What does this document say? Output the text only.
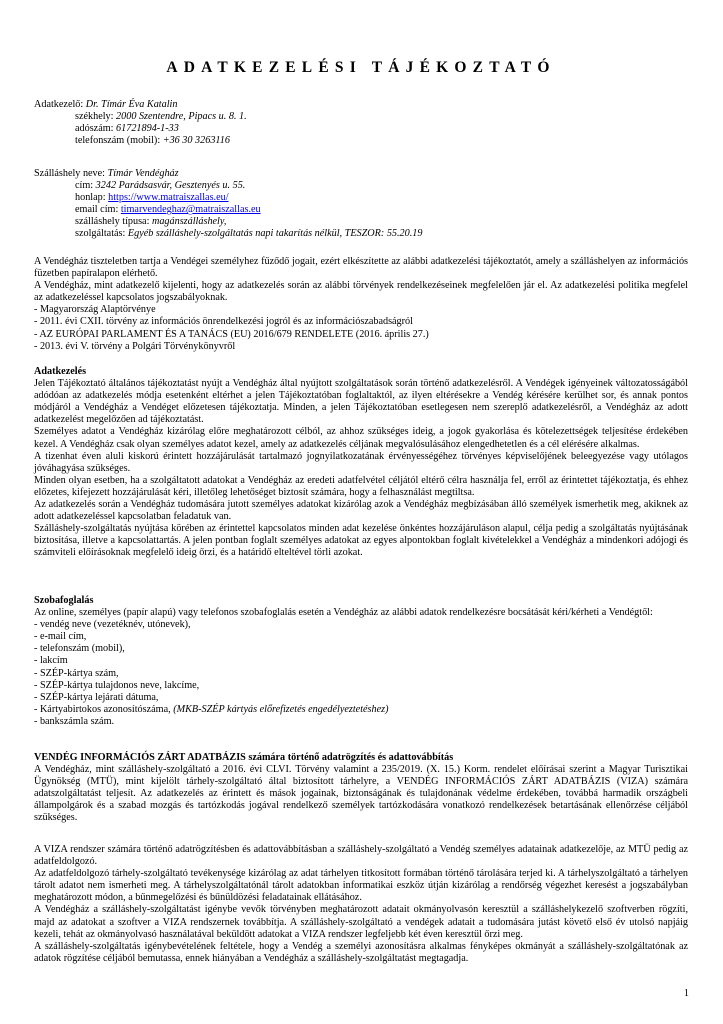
ADATKEZELÉSI TÁJÉKOZTATÓ
Adatkezelő: Dr. Tímár Éva Katalin
székhely: 2000 Szentendre, Pipacs u. 8. 1.
adószám: 61721894-1-33
telefonszám (mobil): +36 30 3263116
Szálláshely neve: Tímár Vendégház
cím: 3242 Parádsasvár, Gesztenyés u. 55.
honlap: https://www.matraiszallas.eu/
email cím: timarvendeghaz@matraiszallas.eu
szálláshely típusa: magánszálláshely,
szolgáltatás: Egyéb szálláshely-szolgáltatás napi takarítás nélkül, TESZOR: 55.20.19

A Vendégház tiszteletben tartja a Vendégei személyhez fűződő jogait, ezért elkészítette az alábbi adatkezelési tájékoztatót, amely a szálláshelyen az információs füzetben papíralapon elérhető.

A Vendégház, mint adatkezelő kijelenti, hogy az adatkezelés során az alábbi törvények rendelkezéseinek megfelelően jár el. Az adatkezelési politika megfelel az adatkezeléssel kapcsolatos jogszabályoknak.

- Magyarország Alaptörvénye

- 2011. évi CXII. törvény az információs önrendelkezési jogról és az információszabadságról

- AZ EURÓPAI PARLAMENT ÉS A TANÁCS (EU) 2016/679 RENDELETE (2016. április 27.)

- 2013. évi V. törvény a Polgári Törvénykönyvről

Adatkezelés

Jelen Tájékoztató általános tájékoztatást nyújt a Vendégház által nyújtott szolgáltatások során történő adatkezelésről. A Vendégek igényeinek változatosságából adódóan az adatkezelés módja esetenként eltérhet a jelen Tájékoztatóban foglaltaktól, az ilyen eltérésekre a Vendég kérésére kerülhet sor, és annak pontos módjáról a Vendégház a Vendéget előzetesen tájékoztatja. Minden, a jelen Tájékoztatóban esetlegesen nem szereplő adatkezelésről, a Vendégház az adott adatkezelést megelőzően ad tájékoztatást.

Személyes adatot a Vendégház kizárólag előre meghatározott célból, az ahhoz szükséges ideig, a jogok gyakorlása és kötelezettségek teljesítése érdekében kezel. A Vendégház csak olyan személyes adatot kezel, amely az adatkezelés céljának megvalósulásához elengedhetetlen és a cél elérésére alkalmas.

A tizenhat éven aluli kiskorú érintett hozzájárulását tartalmazó jognyilatkozatának érvényességéhez törvényes képviselőjének beleegyezése vagy utólagos jóváhagyása szükséges.

Minden olyan esetben, ha a szolgáltatott adatokat a Vendégház az eredeti adatfelvétel céljától eltérő célra használja fel, erről az érintettet tájékoztatja, és ehhez előzetes, kifejezett hozzájárulását kéri, illetőleg lehetőséget biztosít számára, hogy a felhasználást megtiltsa.

Az adatkezelés során a Vendégház tudomására jutott személyes adatokat kizárólag azok a Vendégház megbízásában álló személyek ismerhetik meg, akiknek az adott adatkezeléssel kapcsolatban feladatuk van.

Szálláshely-szolgáltatás nyújtása körében az érintettel kapcsolatos minden adat kezelése önkéntes hozzájáruláson alapul, célja pedig a szolgáltatás nyújtásának biztosítása, illetve a kapcsolattartás. A jelen pontban foglalt személyes adatokat az egyes alpontokban foglalt kivételekkel a Vendégház a mindenkori adójogi és számviteli előírásoknak megfelelő ideig őrzi, és a határidő elteltével törli azokat.

Szobafoglalás

Az online, személyes (papír alapú) vagy telefonos szobafoglalás esetén a Vendégház az alábbi adatok rendelkezésre bocsátását kéri/kérheti a Vendégtől:

- vendég neve (vezetéknév, utónevek),

- e-mail cím,

- telefonszám (mobil),

- lakcím

- SZÉP-kártya szám,

- SZÉP-kártya tulajdonos neve, lakcíme,

- SZÉP-kártya lejárati dátuma,

- Kártyabirtokos azonosítószáma, (MKB-SZÉP kártyás előrefizetés engedélyeztetéshez)

- bankszámla szám.

VENDÉG INFORMÁCIÓS ZÁRT ADATBÁZIS számára történő adatrögzítés és adattovábbítás

A Vendégház, mint szálláshely-szolgáltató a 2016. évi CLVI. Törvény valamint a 235/2019. (X. 15.) Korm. rendelet előírásai szerint a Magyar Turisztikai Ügynökség (MTÜ), mint kijelölt tárhely-szolgáltató által biztosított tárhelyre, a VENDÉG INFORMÁCIÓS ZÁRT ADATBÁZIS (VIZA) számára adatszolgáltatást teljesít. Az adatkezelés az érintett és mások jogainak, biztonságának és tulajdonának védelme érdekében, továbbá harmadik országbeli állampolgárok és a szabad mozgás és tartózkodás jogával rendelkező személyek tartózkodására vonatkozó rendelkezések betartásának ellenőrzése céljából szükséges.

A VIZA rendszer számára történő adatrögzítésben és adattovábbításban a szálláshely-szolgáltató a Vendég személyes adatainak adatkezelője, az MTÜ pedig az adatfeldolgozó.

Az adatfeldolgozó tárhely-szolgáltató tevékenysége kizárólag az adat tárhelyen titkosított formában történő tárolására terjed ki. A tárhelyszolgáltató a tárhelyen tárolt adatot nem ismerheti meg. A tárhelyszolgáltatónál tárolt adatokban informatikai eszköz útján kizárólag a rendőrség végezhet keresést a jogszabályban meghatározott módon, a bűnmegelőzési és bűnüldözési feladatainak ellátásához.

A Vendégház a szálláshely-szolgáltatást igénybe vevők törvényben meghatározott adatait okmányolvasón keresztül a szálláshelykezelő szoftverben rögzíti, majd az adatokat a szoftver a VIZA rendszernek továbbítja. A szálláshely-szolgáltató a vendégek adatait a tudomására jutást követő első év utolsó napjáig kezeli, tehát az okmányolvasó használatával beküldött adatokat a VIZA rendszer legfeljebb két éven keresztül őrzi meg.

A szálláshely-szolgáltatás igénybevételének feltétele, hogy a Vendég a személyi azonosításra alkalmas fényképes okmányát a szálláshely-szolgáltatónak az adatok rögzítése céljából bemutassa, ennek hiányában a Vendégház a szálláshely-szolgáltatást megtagadja.

1
